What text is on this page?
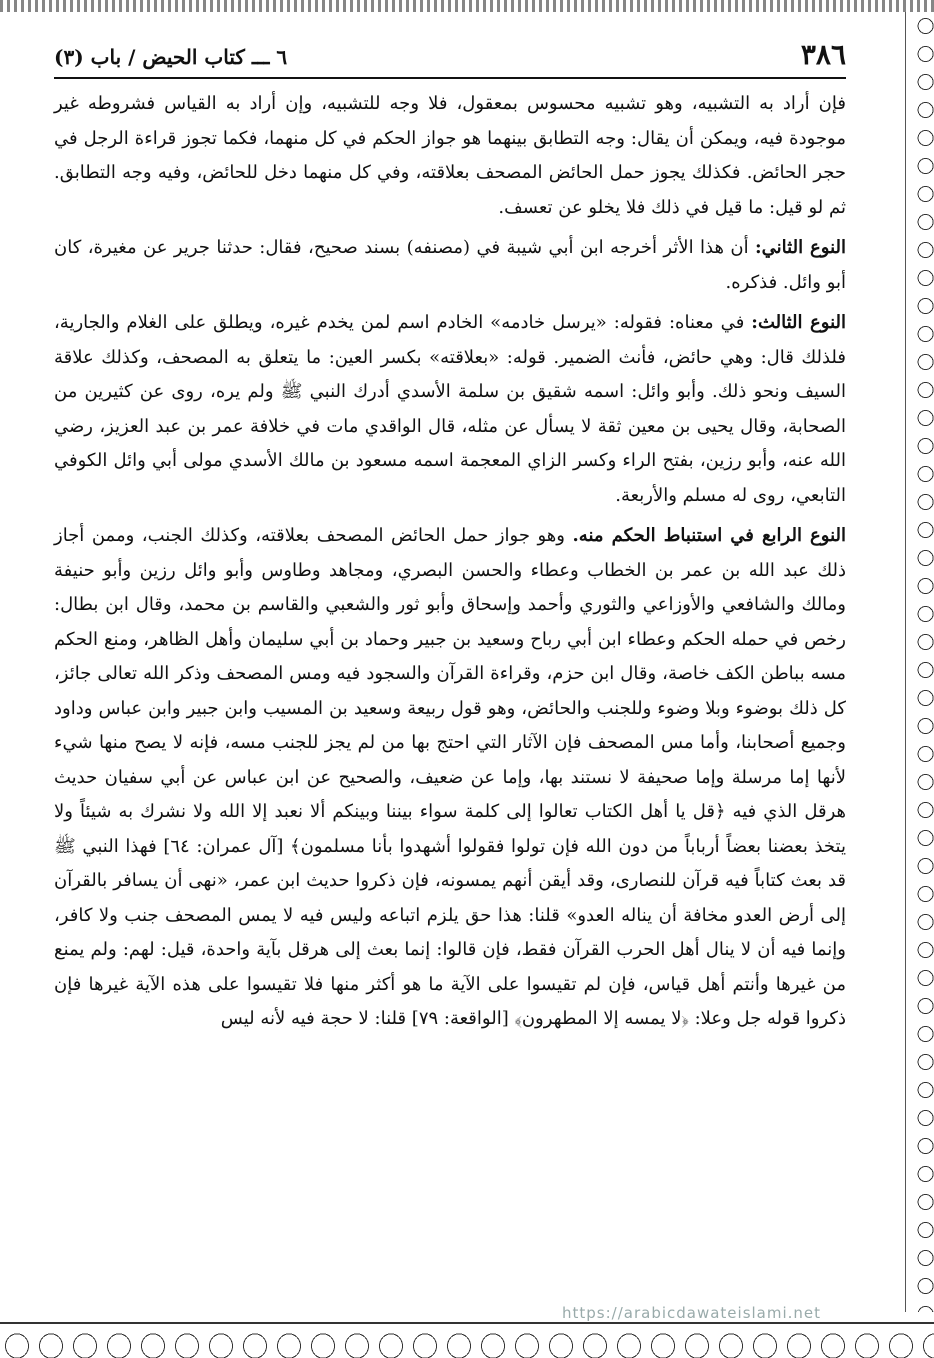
٣٨٦
٦ ـــ كتاب الحيض / باب (٣)

فإن أراد به التشبيه، وهو تشبيه محسوس بمعقول، فلا وجه للتشبيه، وإن أراد به القياس فشروطه غير موجودة فيه، ويمكن أن يقال: وجه التطابق بينهما هو جواز الحكم في كل منهما، فكما تجوز قراءة الرجل في حجر الحائض. فكذلك يجوز حمل الحائض المصحف بعلاقته، وفي كل منهما دخل للحائض، وفيه وجه التطابق. ثم لو قيل: ما قيل في ذلك فلا يخلو عن تعسف.

النوع الثاني: أن هذا الأثر أخرجه ابن أبي شيبة في (مصنفه) بسند صحيح، فقال: حدثنا جرير عن مغيرة، كان أبو وائل. فذكره.

النوع الثالث: في معناه: فقوله: «يرسل خادمه» الخادم اسم لمن يخدم غيره، ويطلق على الغلام والجارية، فلذلك قال: وهي حائض، فأنث الضمير. قوله: «بعلاقته» بكسر العين: ما يتعلق به المصحف، وكذلك علاقة السيف ونحو ذلك. وأبو وائل: اسمه شقيق بن سلمة الأسدي أدرك النبي ﷺ ولم يره، روى عن كثيرين من الصحابة، وقال يحيى بن معين ثقة لا يسأل عن مثله، قال الواقدي مات في خلافة عمر بن عبد العزيز، رضي الله عنه، وأبو رزين، بفتح الراء وكسر الزاي المعجمة اسمه مسعود بن مالك الأسدي مولى أبي وائل الكوفي التابعي، روى له مسلم والأربعة.

النوع الرابع في استنباط الحكم منه. وهو جواز حمل الحائض المصحف بعلاقته، وكذلك الجنب، وممن أجاز ذلك عبد الله بن عمر بن الخطاب وعطاء والحسن البصري، ومجاهد وطاوس وأبو وائل رزين وأبو حنيفة ومالك والشافعي والأوزاعي والثوري وأحمد وإسحاق وأبو ثور والشعبي والقاسم بن محمد، وقال ابن بطال: رخص في حمله الحكم وعطاء ابن أبي رباح وسعيد بن جبير وحماد بن أبي سليمان وأهل الظاهر، ومنع الحكم مسه بباطن الكف خاصة، وقال ابن حزم، وقراءة القرآن والسجود فيه ومس المصحف وذكر الله تعالى جائز، كل ذلك بوضوء وبلا وضوء وللجنب والحائض، وهو قول ربيعة وسعيد بن المسيب وابن جبير وابن عباس وداود وجميع أصحابنا، وأما مس المصحف فإن الآثار التي احتج بها من لم يجز للجنب مسه، فإنه لا يصح منها شيء لأنها إما مرسلة وإما صحيفة لا نستند بها، وإما عن ضعيف، والصحيح عن ابن عباس عن أبي سفيان حديث هرقل الذي فيه ﴿قل يا أهل الكتاب تعالوا إلى كلمة سواء بيننا وبينكم ألا نعبد إلا الله ولا نشرك به شيئاً ولا يتخذ بعضنا بعضاً أرباباً من دون الله فإن تولوا فقولوا أشهدوا بأنا مسلمون﴾ [آل عمران: ٦٤] فهذا النبي ﷺ قد بعث كتاباً فيه قرآن للنصارى، وقد أيقن أنهم يمسونه، فإن ذكروا حديث ابن عمر، «نهى أن يسافر بالقرآن إلى أرض العدو مخافة أن يناله العدو» قلنا: هذا حق يلزم اتباعه وليس فيه لا يمس المصحف جنب ولا كافر، وإنما فيه أن لا ينال أهل الحرب القرآن فقط، فإن قالوا: إنما بعث إلى هرقل بآية واحدة، قيل: لهم: ولم يمنع من غيرها وأنتم أهل قياس، فإن لم تقيسوا على الآية ما هو أكثر منها فلا تقيسوا على هذه الآية غيرها فإن ذكروا قوله جل وعلا: ﴿لا يمسه إلا المطهرون﴾ [الواقعة: ٧٩] قلنا: لا حجة فيه لأنه ليس

https://arabicdawateislami.net
